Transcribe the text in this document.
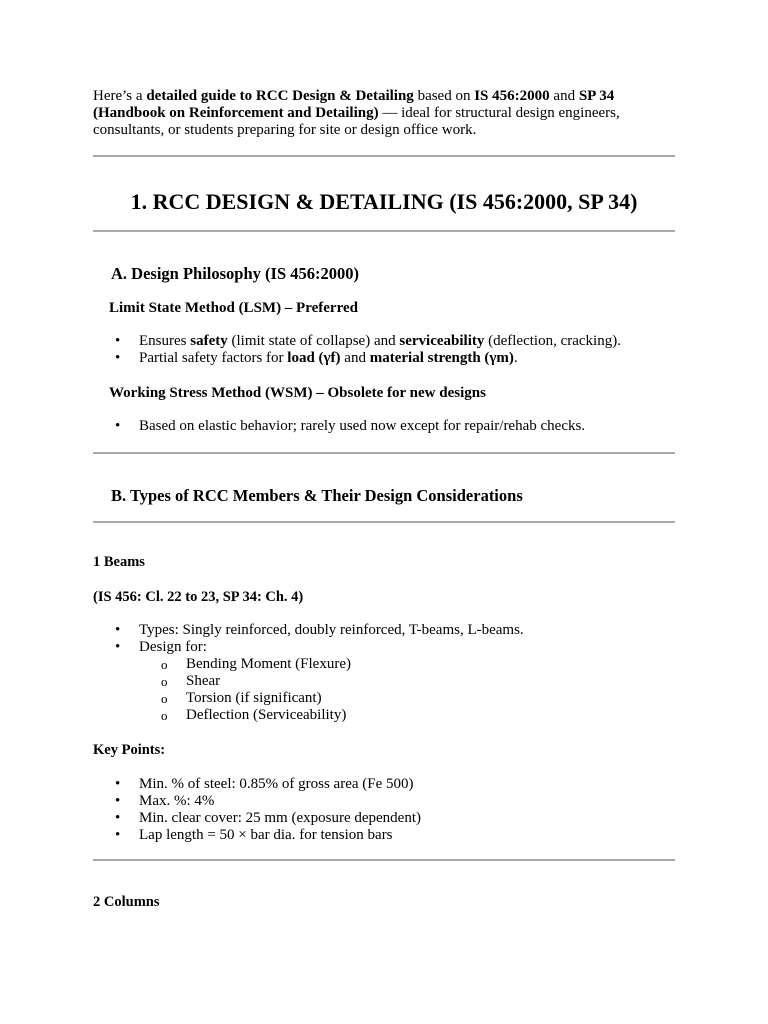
Here’s a detailed guide to RCC Design & Detailing based on IS 456:2000 and SP 34 (Handbook on Reinforcement and Detailing) — ideal for structural design engineers, consultants, or students preparing for site or design office work.

1. RCC DESIGN & DETAILING (IS 456:2000, SP 34)
A. Design Philosophy (IS 456:2000)
Limit State Method (LSM) – Preferred
• Ensures safety (limit state of collapse) and serviceability (deflection, cracking).
• Partial safety factors for load (γf) and material strength (γm).
Working Stress Method (WSM) – Obsolete for new designs
• Based on elastic behavior; rarely used now except for repair/rehab checks.
B. Types of RCC Members & Their Design Considerations
1 Beams
(IS 456: Cl. 22 to 23, SP 34: Ch. 4)
• Types: Singly reinforced, doubly reinforced, T-beams, L-beams.
• Design for:
o Bending Moment (Flexure)
o Shear
o Torsion (if significant)
o Deflection (Serviceability)
Key Points:
• Min. % of steel: 0.85% of gross area (Fe 500)
• Max. %: 4%
• Min. clear cover: 25 mm (exposure dependent)
• Lap length = 50 × bar dia. for tension bars
2 Columns
